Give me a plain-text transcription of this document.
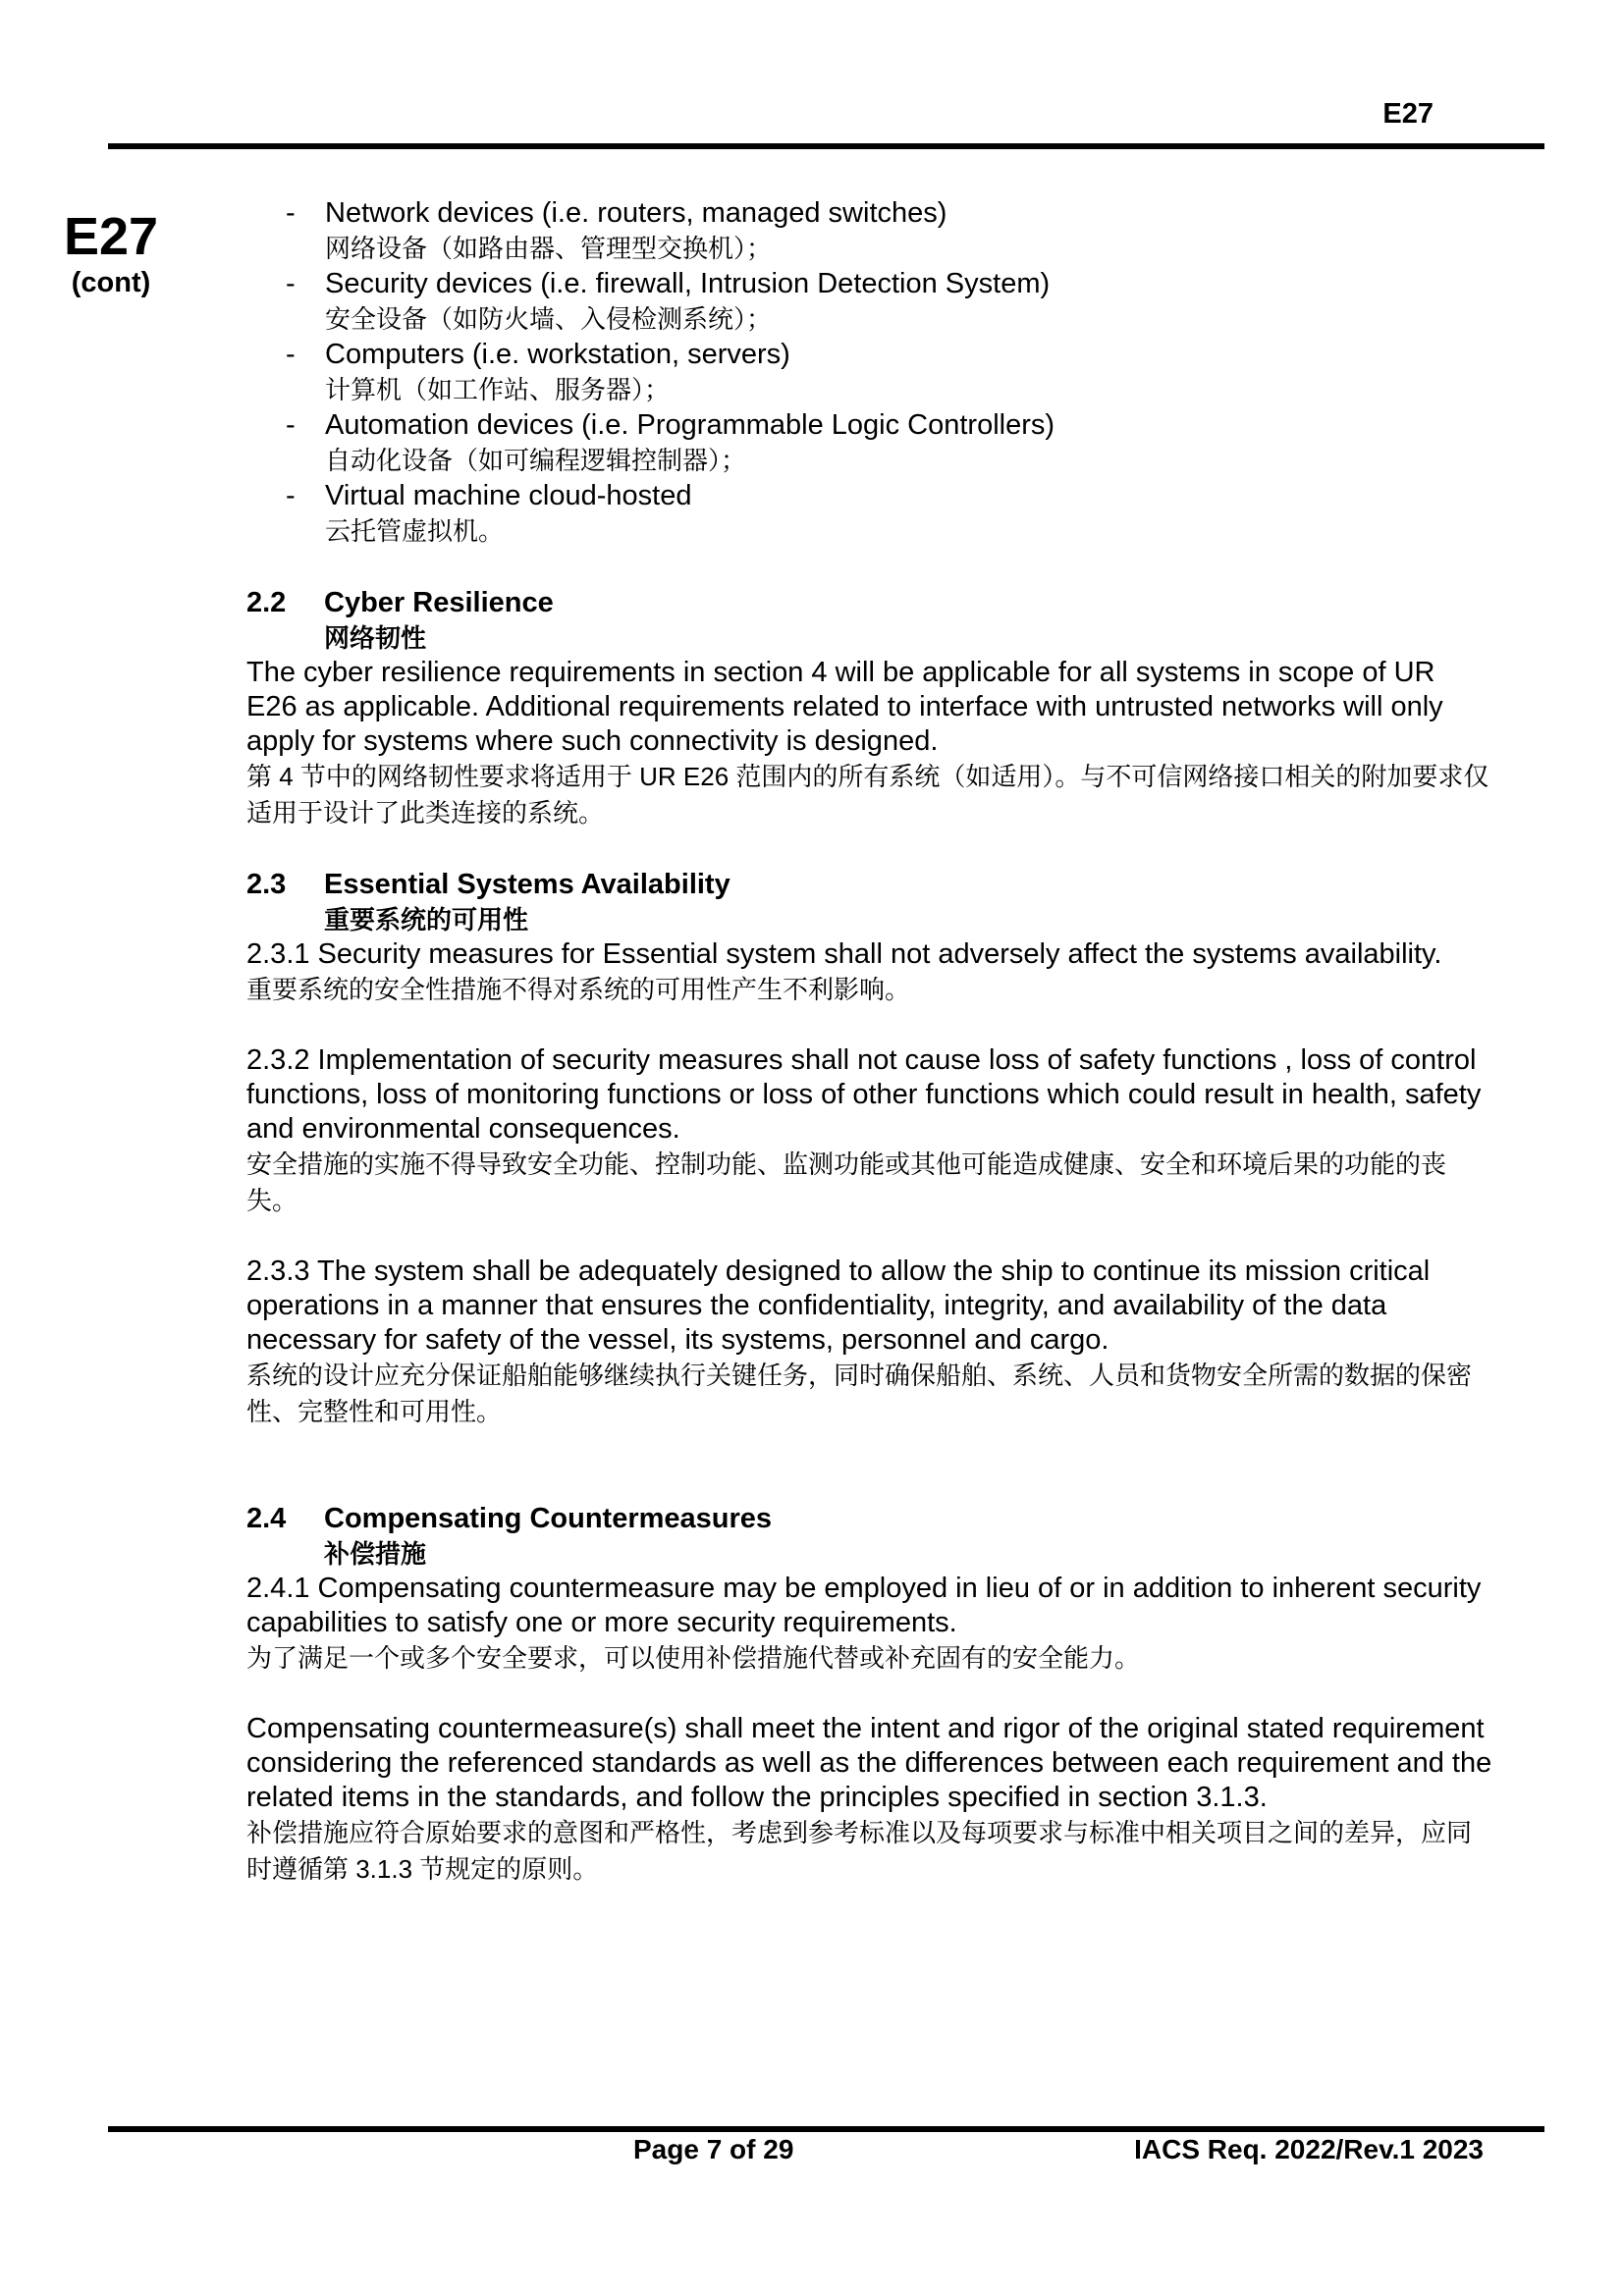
E27
E27
(cont)
- Network devices (i.e. routers, managed switches)
网络设备（如路由器、管理型交换机）；
- Security devices (i.e. firewall, Intrusion Detection System)
安全设备（如防火墙、入侵检测系统）；
- Computers (i.e. workstation, servers)
计算机（如工作站、服务器）；
- Automation devices (i.e. Programmable Logic Controllers)
自动化设备（如可编程逻辑控制器）；
- Virtual machine cloud-hosted
云托管虚拟机。
2.2	Cyber Resilience
网络韧性
The cyber resilience requirements in section 4 will be applicable for all systems in scope of UR E26 as applicable. Additional requirements related to interface with untrusted networks will only apply for systems where such connectivity is designed.
第 4 节中的网络韧性要求将适用于 UR E26 范围内的所有系统（如适用）。与不可信网络接口相关的附加要求仅适用于设计了此类连接的系统。
2.3	Essential Systems Availability
重要系统的可用性
2.3.1 Security measures for Essential system shall not adversely affect the systems availability.
重要系统的安全性措施不得对系统的可用性产生不利影响。
2.3.2 Implementation of security measures shall not cause loss of safety functions , loss of control functions, loss of monitoring functions or loss of other functions which could result in health, safety and environmental consequences.
安全措施的实施不得导致安全功能、控制功能、监测功能或其他可能造成健康、安全和环境后果的功能的丧失。
2.3.3 The system shall be adequately designed to allow the ship to continue its mission critical operations in a manner that ensures the confidentiality, integrity, and availability of the data necessary for safety of the vessel, its systems, personnel and cargo.
系统的设计应充分保证船舶能够继续执行关键任务，同时确保船舶、系统、人员和货物安全所需的数据的保密性、完整性和可用性。
2.4	Compensating Countermeasures
补偿措施
2.4.1 Compensating countermeasure may be employed in lieu of or in addition to inherent security capabilities to satisfy one or more security requirements.
为了满足一个或多个安全要求，可以使用补偿措施代替或补充固有的安全能力。
Compensating countermeasure(s) shall meet the intent and rigor of the original stated requirement considering the referenced standards as well as the differences between each requirement and the related items in the standards, and follow the principles specified in section 3.1.3.
补偿措施应符合原始要求的意图和严格性，考虑到参考标准以及每项要求与标准中相关项目之间的差异，应同时遵循第 3.1.3 节规定的原则。
Page 7 of 29	IACS Req. 2022/Rev.1 2023
